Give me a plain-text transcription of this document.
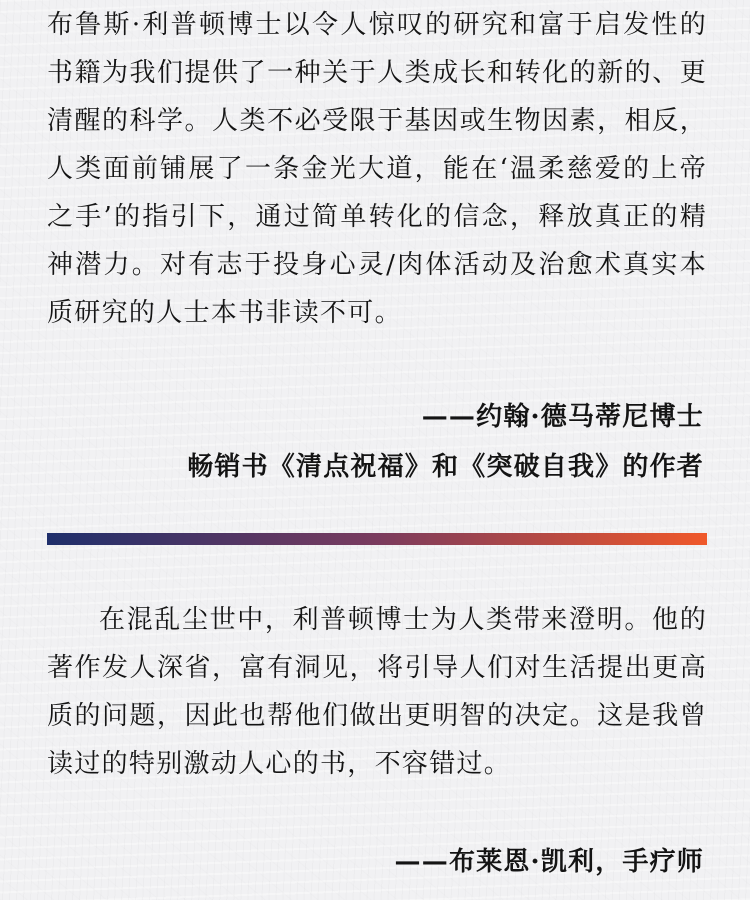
布鲁斯·利普顿博士以令人惊叹的研究和富于启发性的书籍为我们提供了一种关于人类成长和转化的新的、更清醒的科学。人类不必受限于基因或生物因素，相反，人类面前铺展了一条金光大道，能在‘温柔慈爱的上帝之手’的指引下，通过简单转化的信念，释放真正的精神潜力。对有志于投身心灵/肉体活动及治愈术真实本质研究的人士本书非读不可。

——约翰·德马蒂尼博士

畅销书《清点祝福》和《突破自我》的作者

在混乱尘世中，利普顿博士为人类带来澄明。他的著作发人深省，富有洞见，将引导人们对生活提出更高质的问题，因此也帮他们做出更明智的决定。这是我曾读过的特别激动人心的书，不容错过。

——布莱恩·凯利，手疗师
